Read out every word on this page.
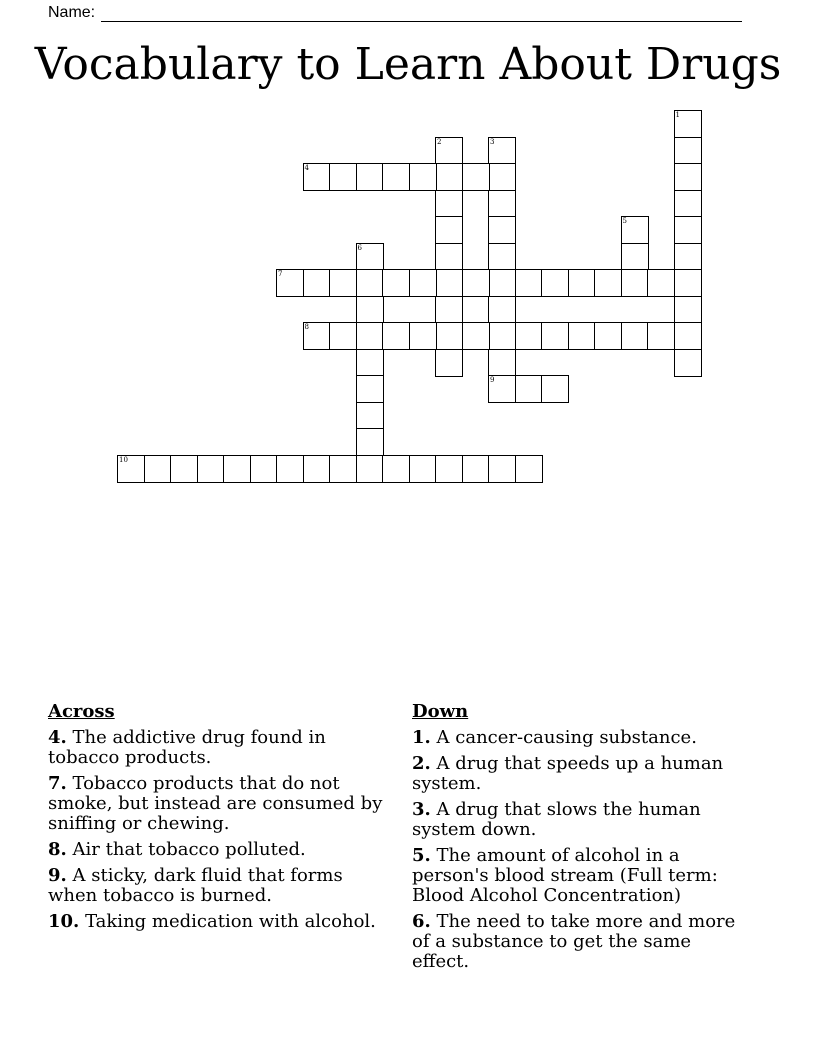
Name:
Vocabulary to Learn About Drugs
1
2	3
9
4
5
6
7
8
10
Across
4. The addictive drug found in tobacco products.
7. Tobacco products that do not smoke, but instead are consumed by sniffing or chewing.
8. Air that tobacco polluted.
9. A sticky, dark fluid that forms when tobacco is burned.
10. Taking medication with alcohol.
Down
1. A cancer-causing substance.
2. A drug that speeds up a human system.
3. A drug that slows the human system down.
5. The amount of alcohol in a person's blood stream (Full term: Blood Alcohol Concentration)
6. The need to take more and more of a substance to get the same effect.
